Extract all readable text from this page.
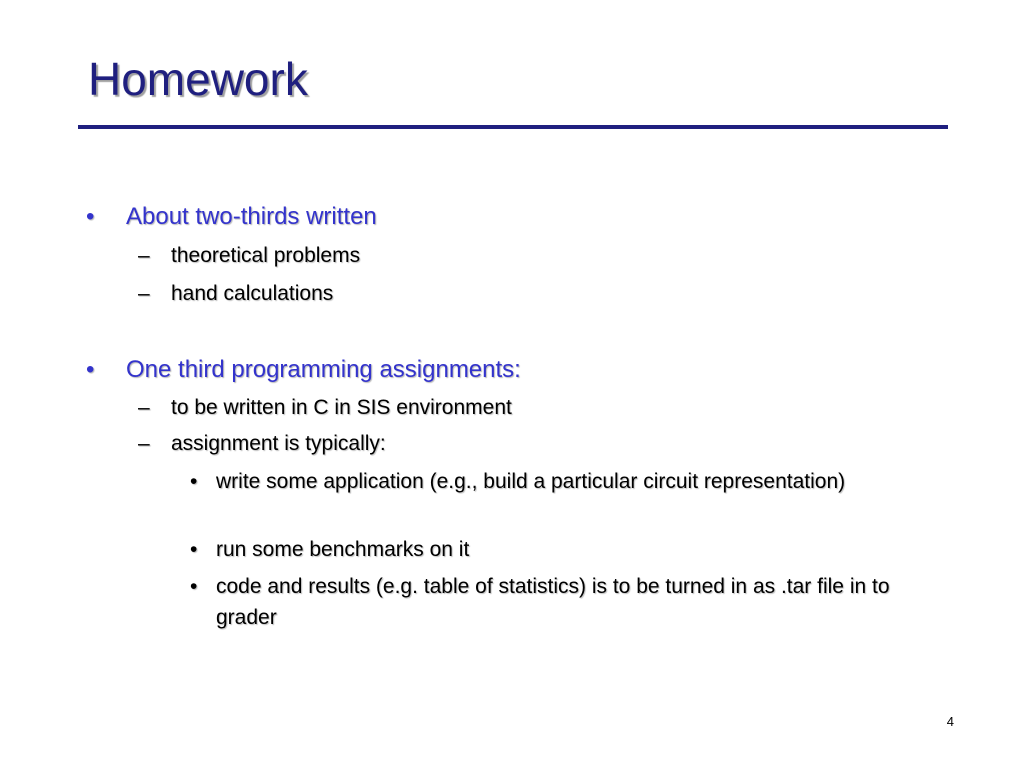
Homework
• About two-thirds written
– theoretical problems
– hand calculations
• One third programming assignments:
– to be written in C in SIS environment
– assignment is typically:
• write some application (e.g., build a particular circuit representation)
• run some benchmarks on it
• code and results (e.g. table of statistics) is to be turned in as .tar file in to grader
4
